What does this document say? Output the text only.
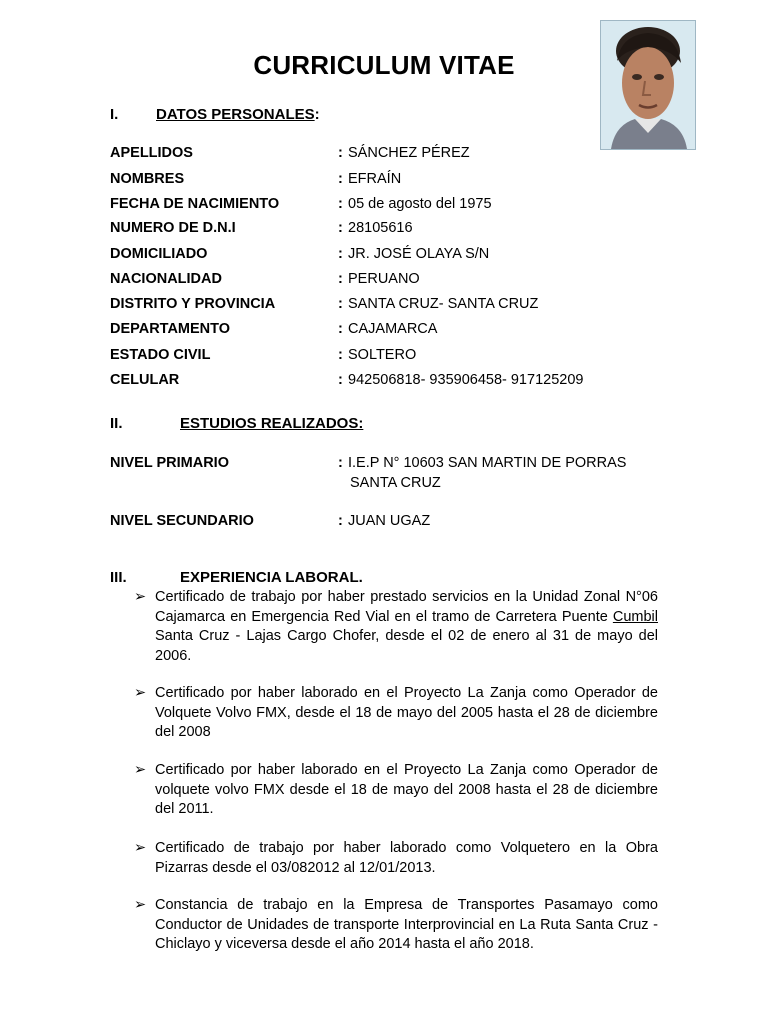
CURRICULUM VITAE
I.	DATOS PERSONALES:
APELLIDOS	: SÁNCHEZ PÉREZ
NOMBRES	: EFRAÍN
FECHA DE NACIMIENTO	: 05 de agosto del 1975
NUMERO DE D.N.I	: 28105616
DOMICILIADO	: JR. JOSÉ OLAYA S/N
NACIONALIDAD	: PERUANO
DISTRITO Y PROVINCIA	: SANTA CRUZ- SANTA CRUZ
DEPARTAMENTO	: CAJAMARCA
ESTADO CIVIL	: SOLTERO
CELULAR	: 942506818- 935906458- 917125209
II.	ESTUDIOS REALIZADOS:
NIVEL PRIMARIO	: I.E.P N° 10603 SAN MARTIN DE PORRAS
SANTA CRUZ
NIVEL SECUNDARIO	: JUAN UGAZ
III.	EXPERIENCIA LABORAL.
➢ Certificado de trabajo por haber prestado servicios en la Unidad Zonal N°06 Cajamarca en Emergencia Red Vial en el tramo de Carretera Puente Cumbil Santa Cruz - Lajas Cargo Chofer, desde el 02 de enero al 31 de mayo del 2006.
➢ Certificado por haber laborado en el Proyecto La Zanja como Operador de Volquete Volvo FMX, desde el 18 de mayo del 2005 hasta el 28 de diciembre del 2008
➢ Certificado por haber laborado en el Proyecto La Zanja como Operador de volquete volvo FMX desde el 18 de mayo del 2008 hasta el 28 de diciembre del 2011.
➢ Certificado de trabajo por haber laborado como Volquetero en la Obra Pizarras desde el 03/082012 al 12/01/2013.
➢ Constancia de trabajo en la Empresa de Transportes Pasamayo como Conductor de Unidades de transporte Interprovincial en La Ruta Santa Cruz - Chiclayo y viceversa desde el año 2014 hasta el año 2018.
